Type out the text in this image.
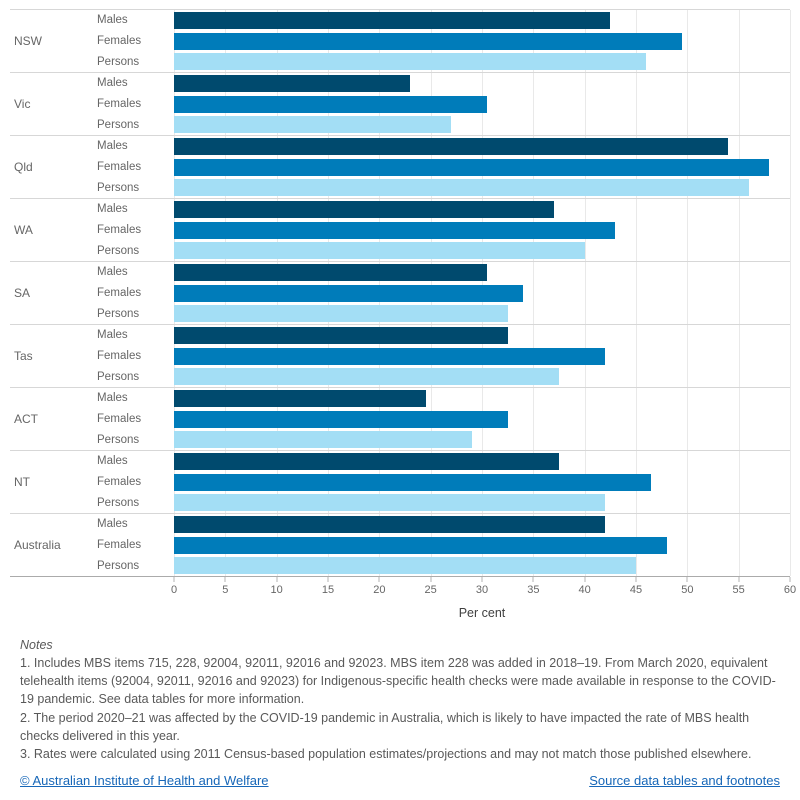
NSW
Males
Females
Persons
Vic
Males
Females
Persons
Qld
Males
Females
Persons
WA
Males
Females
Persons
SA
Males
Females
Persons
Tas
Males
Females
Persons
ACT
Males
Females
Persons
NT
Males
Females
Persons
Australia
Males
Females
Persons
0	5	10	15	20	25	30	35	40	45	50	55	60
Per cent
Notes
1. Includes MBS items 715, 228, 92004, 92011, 92016 and 92023. MBS item 228 was added in 2018–19. From March 2020, equivalent telehealth items (92004, 92011, 92016 and 92023) for Indigenous-specific health checks were made available in response to the COVID-19 pandemic. See data tables for more information.
2. The period 2020–21 was affected by the COVID-19 pandemic in Australia, which is likely to have impacted the rate of MBS health checks delivered in this year.
3. Rates were calculated using 2011 Census-based population estimates/projections and may not match those published elsewhere.
© Australian Institute of Health and Welfare	Source data tables and footnotes
